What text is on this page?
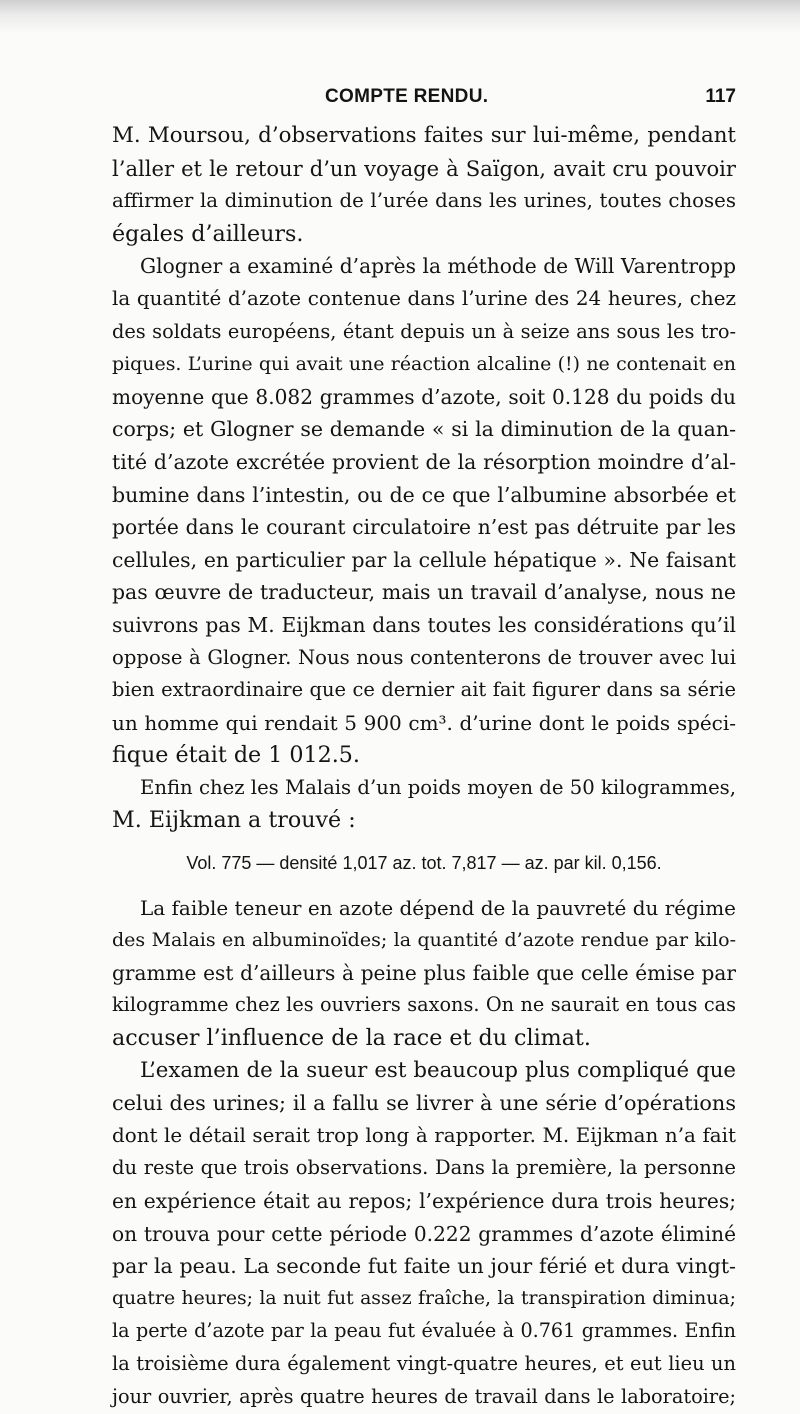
COMPTE RENDU.	117
M. Moursou, d’observations faites sur lui-même, pendant
l’aller et le retour d’un voyage à Saïgon, avait cru pouvoir
affirmer la diminution de l’urée dans les urines, toutes choses
égales d’ailleurs.
Glogner a examiné d’après la méthode de Will Varentropp
la quantité d’azote contenue dans l’urine des 24 heures, chez
des soldats européens, étant depuis un à seize ans sous les tro-
piques. L’urine qui avait une réaction alcaline (!) ne contenait en
moyenne que 8.082 grammes d’azote, soit 0.128 du poids du
corps; et Glogner se demande « si la diminution de la quan-
tité d’azote excrétée provient de la résorption moindre d’al-
bumine dans l’intestin, ou de ce que l’albumine absorbée et
portée dans le courant circulatoire n’est pas détruite par les
cellules, en particulier par la cellule hépatique ». Ne faisant
pas œuvre de traducteur, mais un travail d’analyse, nous ne
suivrons pas M. Eijkman dans toutes les considérations qu’il
oppose à Glogner. Nous nous contenterons de trouver avec lui
bien extraordinaire que ce dernier ait fait figurer dans sa série
un homme qui rendait 5 900 cm³. d’urine dont le poids spéci-
fique était de 1 012.5.
Enfin chez les Malais d’un poids moyen de 50 kilogrammes,
M. Eijkman a trouvé :
Vol. 775 — densité 1,017 az. tot. 7,817 — az. par kil. 0,156.
La faible teneur en azote dépend de la pauvreté du régime
des Malais en albuminoïdes; la quantité d’azote rendue par kilo-
gramme est d’ailleurs à peine plus faible que celle émise par
kilogramme chez les ouvriers saxons. On ne saurait en tous cas
accuser l’influence de la race et du climat.
L’examen de la sueur est beaucoup plus compliqué que
celui des urines; il a fallu se livrer à une série d’opérations
dont le détail serait trop long à rapporter. M. Eijkman n’a fait
du reste que trois observations. Dans la première, la personne
en expérience était au repos; l’expérience dura trois heures;
on trouva pour cette période 0.222 grammes d’azote éliminé
par la peau. La seconde fut faite un jour férié et dura vingt-
quatre heures; la nuit fut assez fraîche, la transpiration diminua;
la perte d’azote par la peau fut évaluée à 0.761 grammes. Enfin
la troisième dura également vingt-quatre heures, et eut lieu un
jour ouvrier, après quatre heures de travail dans le laboratoire;
